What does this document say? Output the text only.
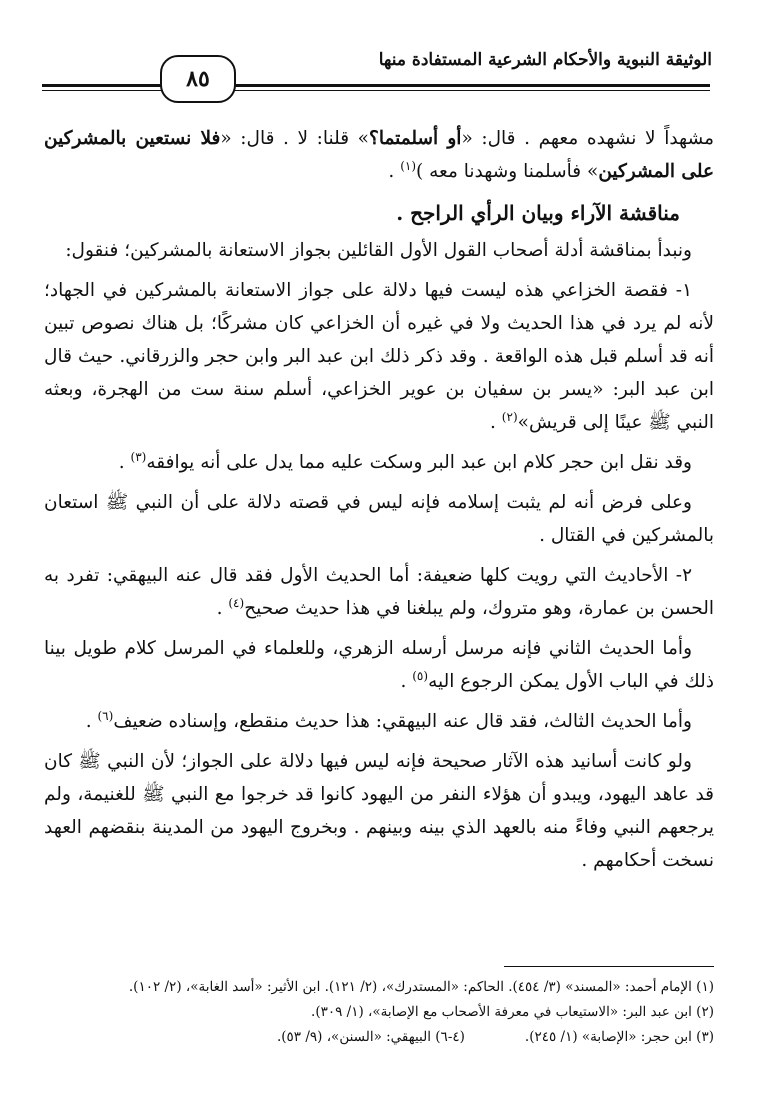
الوثيقة النبوية والأحكام الشرعية المستفادة منها
٨٥

مشهداً لا نشهده معهم . قال: «أو أسلمتما؟» قلنا: لا . قال: «فلا نستعين بالمشركين على المشركين» فأسلمنا وشهدنا معه )$^{(١)}$ .

مناقشة الآراء وبيان الرأي الراجح .

ونبدأ بمناقشة أدلة أصحاب القول الأول القائلين بجواز الاستعانة بالمشركين؛ فنقول:

١- فقصة الخزاعي هذه ليست فيها دلالة على جواز الاستعانة بالمشركين في الجهاد؛ لأنه لم يرد في هذا الحديث ولا في غيره أن الخزاعي كان مشركًا؛ بل هناك نصوص تبين أنه قد أسلم قبل هذه الواقعة . وقد ذكر ذلك ابن عبد البر وابن حجر والزرقاني. حيث قال ابن عبد البر: «يسر بن سفيان بن عوير الخزاعي، أسلم سنة ست من الهجرة، وبعثه النبي ﷺ عينًا إلى قريش»$^{(٢)}$ .

وقد نقل ابن حجر كلام ابن عبد البر وسكت عليه مما يدل على أنه يوافقه$^{(٣)}$ .

وعلى فرض أنه لم يثبت إسلامه فإنه ليس في قصته دلالة على أن النبي ﷺ استعان بالمشركين في القتال .

٢- الأحاديث التي رويت كلها ضعيفة: أما الحديث الأول فقد قال عنه البيهقي: تفرد به الحسن بن عمارة، وهو متروك، ولم يبلغنا في هذا حديث صحيح$^{(٤)}$ .

وأما الحديث الثاني فإنه مرسل أرسله الزهري، وللعلماء في المرسل كلام طويل بينا ذلك في الباب الأول يمكن الرجوع اليه$^{(٥)}$ .

وأما الحديث الثالث، فقد قال عنه البيهقي: هذا حديث منقطع، وإسناده ضعيف$^{(٦)}$ .

ولو كانت أسانيد هذه الآثار صحيحة فإنه ليس فيها دلالة على الجواز؛ لأن النبي ﷺ كان قد عاهد اليهود، ويبدو أن هؤلاء النفر من اليهود كانوا قد خرجوا مع النبي ﷺ للغنيمة، ولم يرجعهم النبي وفاءً منه بالعهد الذي بينه وبينهم . وبخروج اليهود من المدينة بنقضهم العهد نسخت أحكامهم .

(١) الإمام أحمد: «المسند» (٣/ ٤٥٤). الحاكم: «المستدرك»، (٢/ ١٢١). ابن الأثير: «أسد الغابة»، (٢/ ١٠٢).
(٢) ابن عبد البر: «الاستيعاب في معرفة الأصحاب مع الإصابة»، (١/ ٣٠٩).
(٣) ابن حجر: «الإصابة» (١/ ٢٤٥).(٤-٦) البيهقي: «السنن»، (٩/ ٥٣).
